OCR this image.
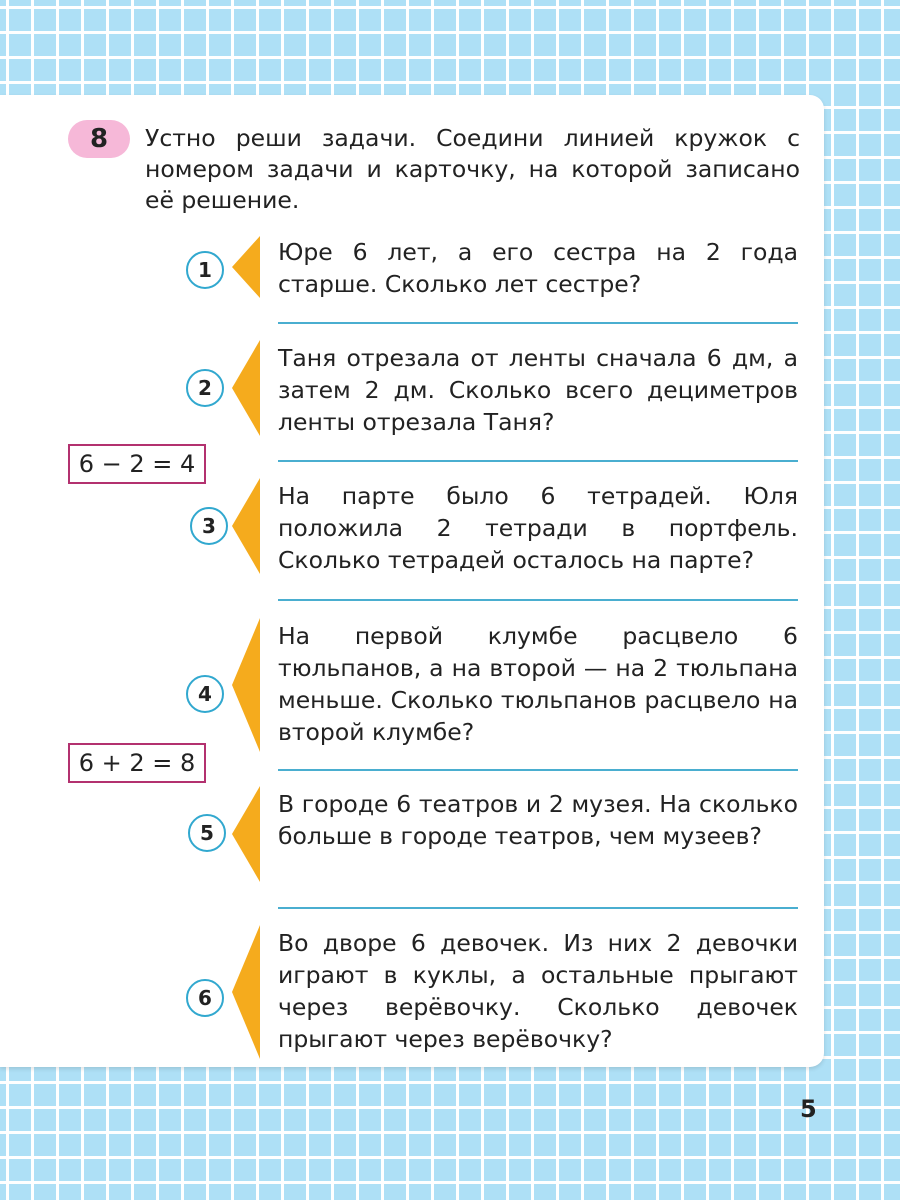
8	Устно реши задачи. Соедини линией кружок с номером задачи и карточку, на которой записано её решение.
1
Юре 6 лет, а его сестра на 2 года старше. Сколько лет сестре?
2
Таня отрезала от ленты сначала 6 дм, а затем 2 дм. Сколько всего дециметров ленты отрезала Таня?
6 − 2 = 4
3
На парте было 6 тетрадей. Юля положила 2 тетради в портфель. Сколько тетрадей осталось на парте?
4
На первой клумбе расцвело 6 тюльпанов, а на второй — на 2 тюльпана меньше. Сколько тюльпанов расцвело на второй клумбе?
6 + 2 = 8
5
В городе 6 театров и 2 музея. На сколько больше в городе театров, чем музеев?
6
Во дворе 6 девочек. Из них 2 девочки играют в куклы, а остальные прыгают через верёвочку. Сколько девочек прыгают через верёвочку?
5
